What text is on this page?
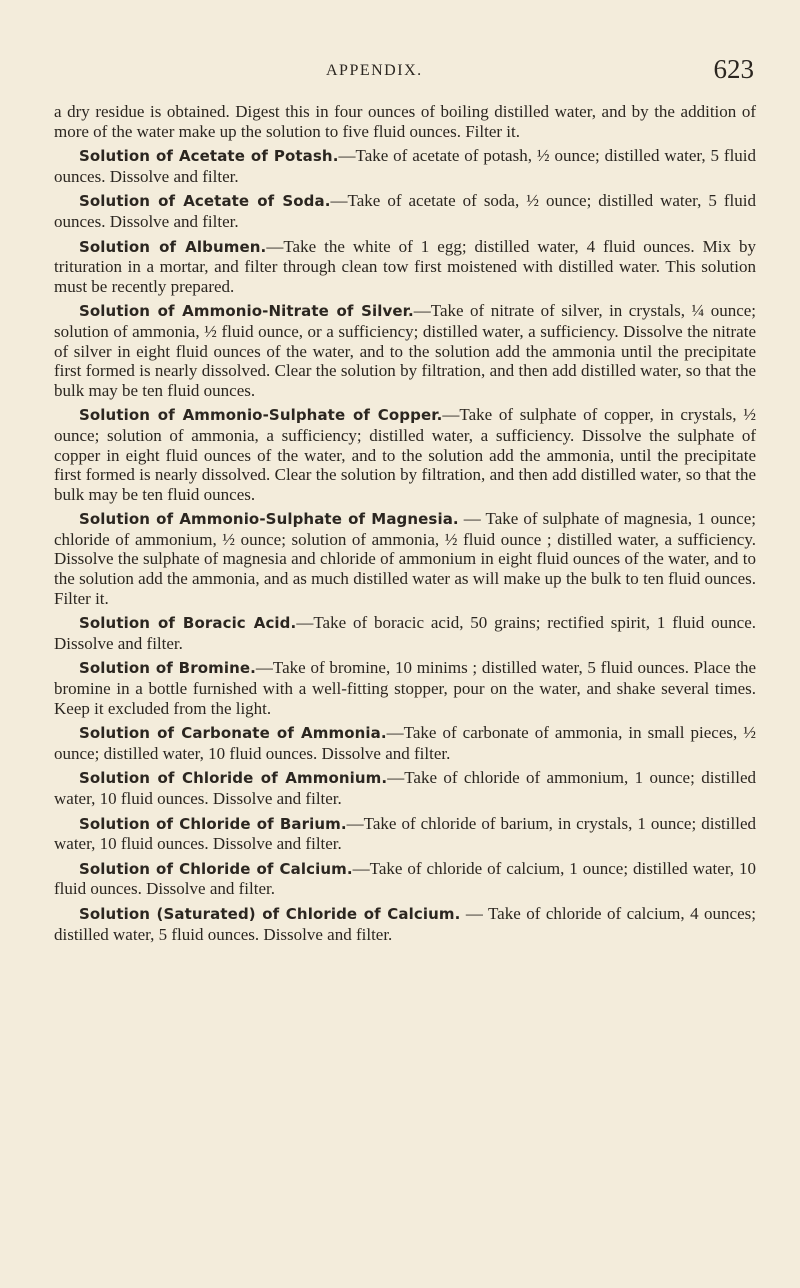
APPENDIX.	623

a dry residue is obtained. Digest this in four ounces of boiling distilled water, and by the addition of more of the water make up the solution to five fluid ounces. Filter it.

Solution of Acetate of Potash.—Take of acetate of potash, ½ ounce; distilled water, 5 fluid ounces. Dissolve and filter.

Solution of Acetate of Soda.—Take of acetate of soda, ½ ounce; distilled water, 5 fluid ounces. Dissolve and filter.

Solution of Albumen.—Take the white of 1 egg; distilled water, 4 fluid ounces. Mix by trituration in a mortar, and filter through clean tow first moistened with distilled water. This solution must be recently prepared.

Solution of Ammonio-Nitrate of Silver.—Take of nitrate of silver, in crystals, ¼ ounce; solution of ammonia, ½ fluid ounce, or a sufficiency; distilled water, a sufficiency. Dissolve the nitrate of silver in eight fluid ounces of the water, and to the solution add the ammonia until the precipitate first formed is nearly dissolved. Clear the solution by filtration, and then add distilled water, so that the bulk may be ten fluid ounces.

Solution of Ammonio-Sulphate of Copper.—Take of sulphate of copper, in crystals, ½ ounce; solution of ammonia, a sufficiency; distilled water, a sufficiency. Dissolve the sulphate of copper in eight fluid ounces of the water, and to the solution add the ammonia, until the precipitate first formed is nearly dissolved. Clear the solution by filtration, and then add distilled water, so that the bulk may be ten fluid ounces.

Solution of Ammonio-Sulphate of Magnesia. — Take of sulphate of magnesia, 1 ounce; chloride of ammonium, ½ ounce; solution of ammonia, ½ fluid ounce ; distilled water, a sufficiency. Dissolve the sulphate of magnesia and chloride of ammonium in eight fluid ounces of the water, and to the solution add the ammonia, and as much distilled water as will make up the bulk to ten fluid ounces. Filter it.

Solution of Boracic Acid.—Take of boracic acid, 50 grains; rectified spirit, 1 fluid ounce. Dissolve and filter.

Solution of Bromine.—Take of bromine, 10 minims ; distilled water, 5 fluid ounces. Place the bromine in a bottle furnished with a well-fitting stopper, pour on the water, and shake several times. Keep it excluded from the light.

Solution of Carbonate of Ammonia.—Take of carbonate of ammonia, in small pieces, ½ ounce; distilled water, 10 fluid ounces. Dissolve and filter.

Solution of Chloride of Ammonium.—Take of chloride of ammonium, 1 ounce; distilled water, 10 fluid ounces. Dissolve and filter.

Solution of Chloride of Barium.—Take of chloride of barium, in crystals, 1 ounce; distilled water, 10 fluid ounces. Dissolve and filter.

Solution of Chloride of Calcium.—Take of chloride of calcium, 1 ounce; distilled water, 10 fluid ounces. Dissolve and filter.

Solution (Saturated) of Chloride of Calcium. — Take of chloride of calcium, 4 ounces; distilled water, 5 fluid ounces. Dissolve and filter.
